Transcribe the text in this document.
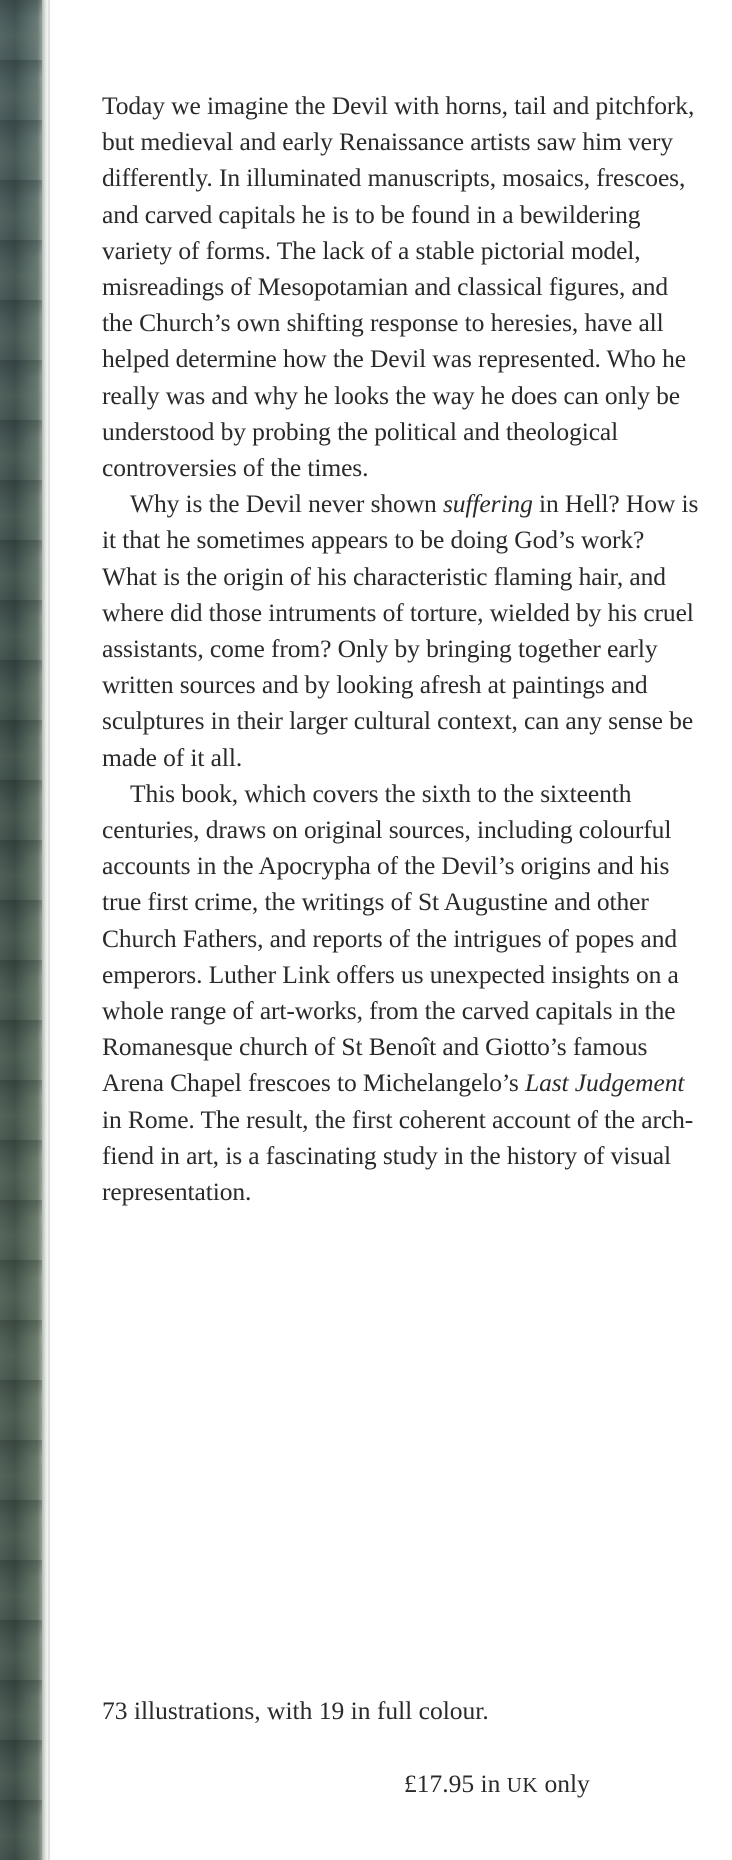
Today we imagine the Devil with horns, tail and pitchfork, but medieval and early Renaissance artists saw him very differently. In illuminated manuscripts, mosaics, frescoes, and carved capitals he is to be found in a bewildering variety of forms. The lack of a stable pictorial model, misreadings of Mesopotamian and classical figures, and the Church’s own shifting response to heresies, have all helped determine how the Devil was represented. Who he really was and why he looks the way he does can only be understood by probing the political and theological controversies of the times.

Why is the Devil never shown suffering in Hell? How is it that he sometimes appears to be doing God’s work? What is the origin of his characteristic flaming hair, and where did those intruments of torture, wielded by his cruel assistants, come from? Only by bringing together early written sources and by looking afresh at paintings and sculptures in their larger cultural context, can any sense be made of it all.

This book, which covers the sixth to the sixteenth centuries, draws on original sources, including colourful accounts in the Apocrypha of the Devil’s origins and his true first crime, the writings of St Augustine and other Church Fathers, and reports of the intrigues of popes and emperors. Luther Link offers us unexpected insights on a whole range of art-works, from the carved capitals in the Romanesque church of St Benoît and Giotto’s famous Arena Chapel frescoes to Michelangelo’s Last Judgement in Rome. The result, the first coherent account of the arch-fiend in art, is a fascinating study in the history of visual representation.

73 illustrations, with 19 in full colour.
£17.95 in UK only
